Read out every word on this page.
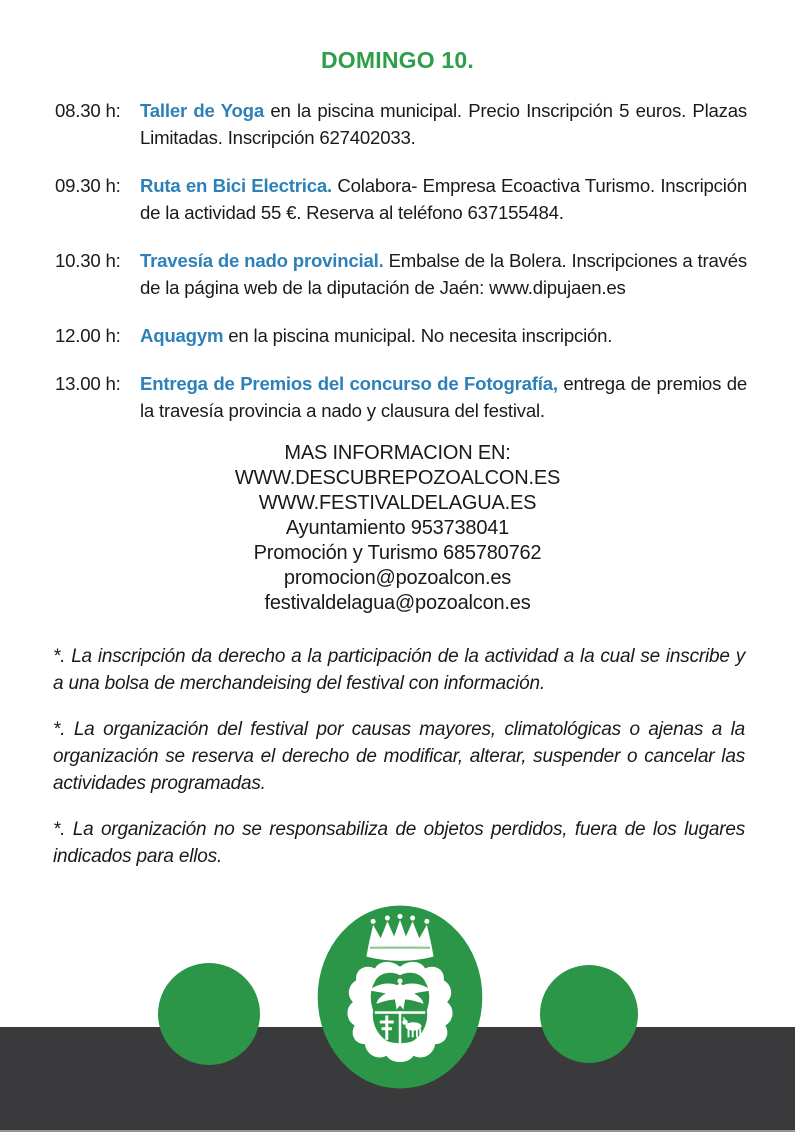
DOMINGO 10.
08.30 h:	Taller de Yoga en la piscina municipal. Precio Inscripción 5 euros. Plazas Limitadas. Inscripción 627402033.
09.30 h:	Ruta en Bici Electrica. Colabora- Empresa Ecoactiva Turismo. Inscripción de la actividad 55 €. Reserva al teléfono 637155484.
10.30 h:	Travesía de nado provincial. Embalse de la Bolera. Inscripciones a través de la página web de la diputación de Jaén: www.dipujaen.es
12.00 h:	Aquagym en la piscina municipal. No necesita inscripción.
13.00 h:	Entrega de Premios del concurso de Fotografía, entrega de premios de la travesía provincia a nado y clausura del festival.
MAS INFORMACION EN:
WWW.DESCUBREPOZOALCON.ES
WWW.FESTIVALDELAGUA.ES
Ayuntamiento 953738041
Promoción y Turismo 685780762
promocion@pozoalcon.es
festivaldelagua@pozoalcon.es

*. La inscripción da derecho a la participación de la actividad a la cual se inscribe y a una bolsa de merchandeising del festival con información.

*. La organización del festival por causas mayores, climatológicas o ajenas a la organización se reserva el derecho de modificar, alterar, suspender o cancelar las actividades programadas.

*. La organización no se responsabiliza de objetos perdidos, fuera de los lugares indicados para ellos.
